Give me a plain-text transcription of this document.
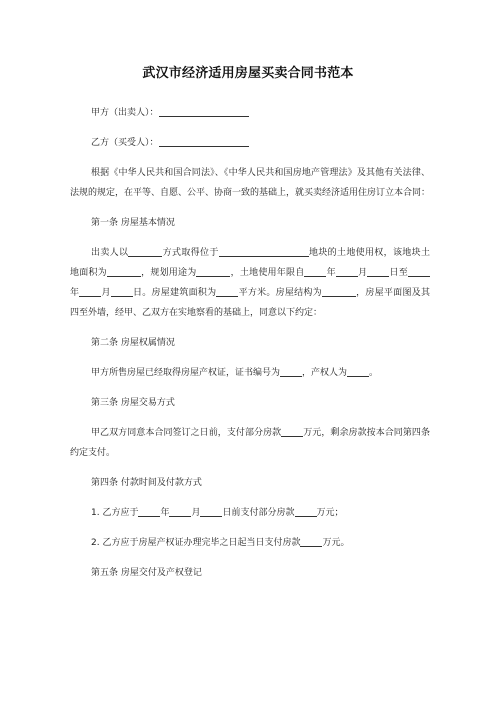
武汉市经济适用房屋买卖合同书范本

甲方（出卖人）：

乙方（买受人）：

根据《中华人民共和国合同法》、《中华人民共和国房地产管理法》及其他有关法律、法规的规定，在平等、自愿、公平、协商一致的基础上，就买卖经济适用住房订立本合同：

第一条 房屋基本情况

出卖人以	方式取得位于	地块的土地使用权，该地块土地面积为	，规划用途为	，土地使用年限自 年 月 日至年 月 日。房屋建筑面积为 平方米。房屋结构为	，房屋平面图及其四至外墙，经甲、乙双方在实地察看的基础上，同意以下约定：

第二条 房屋权属情况

甲方所售房屋已经取得房屋产权证，证书编号为 ，产权人为 。

第三条 房屋交易方式

甲乙双方同意本合同签订之日前，支付部分房款 万元，剩余房款按本合同第四条约定支付。

第四条 付款时间及付款方式

1. 乙方应于 年 月 日前支付部分房款 万元；

2. 乙方应于房屋产权证办理完毕之日起当日支付房款 万元。

第五条 房屋交付及产权登记
